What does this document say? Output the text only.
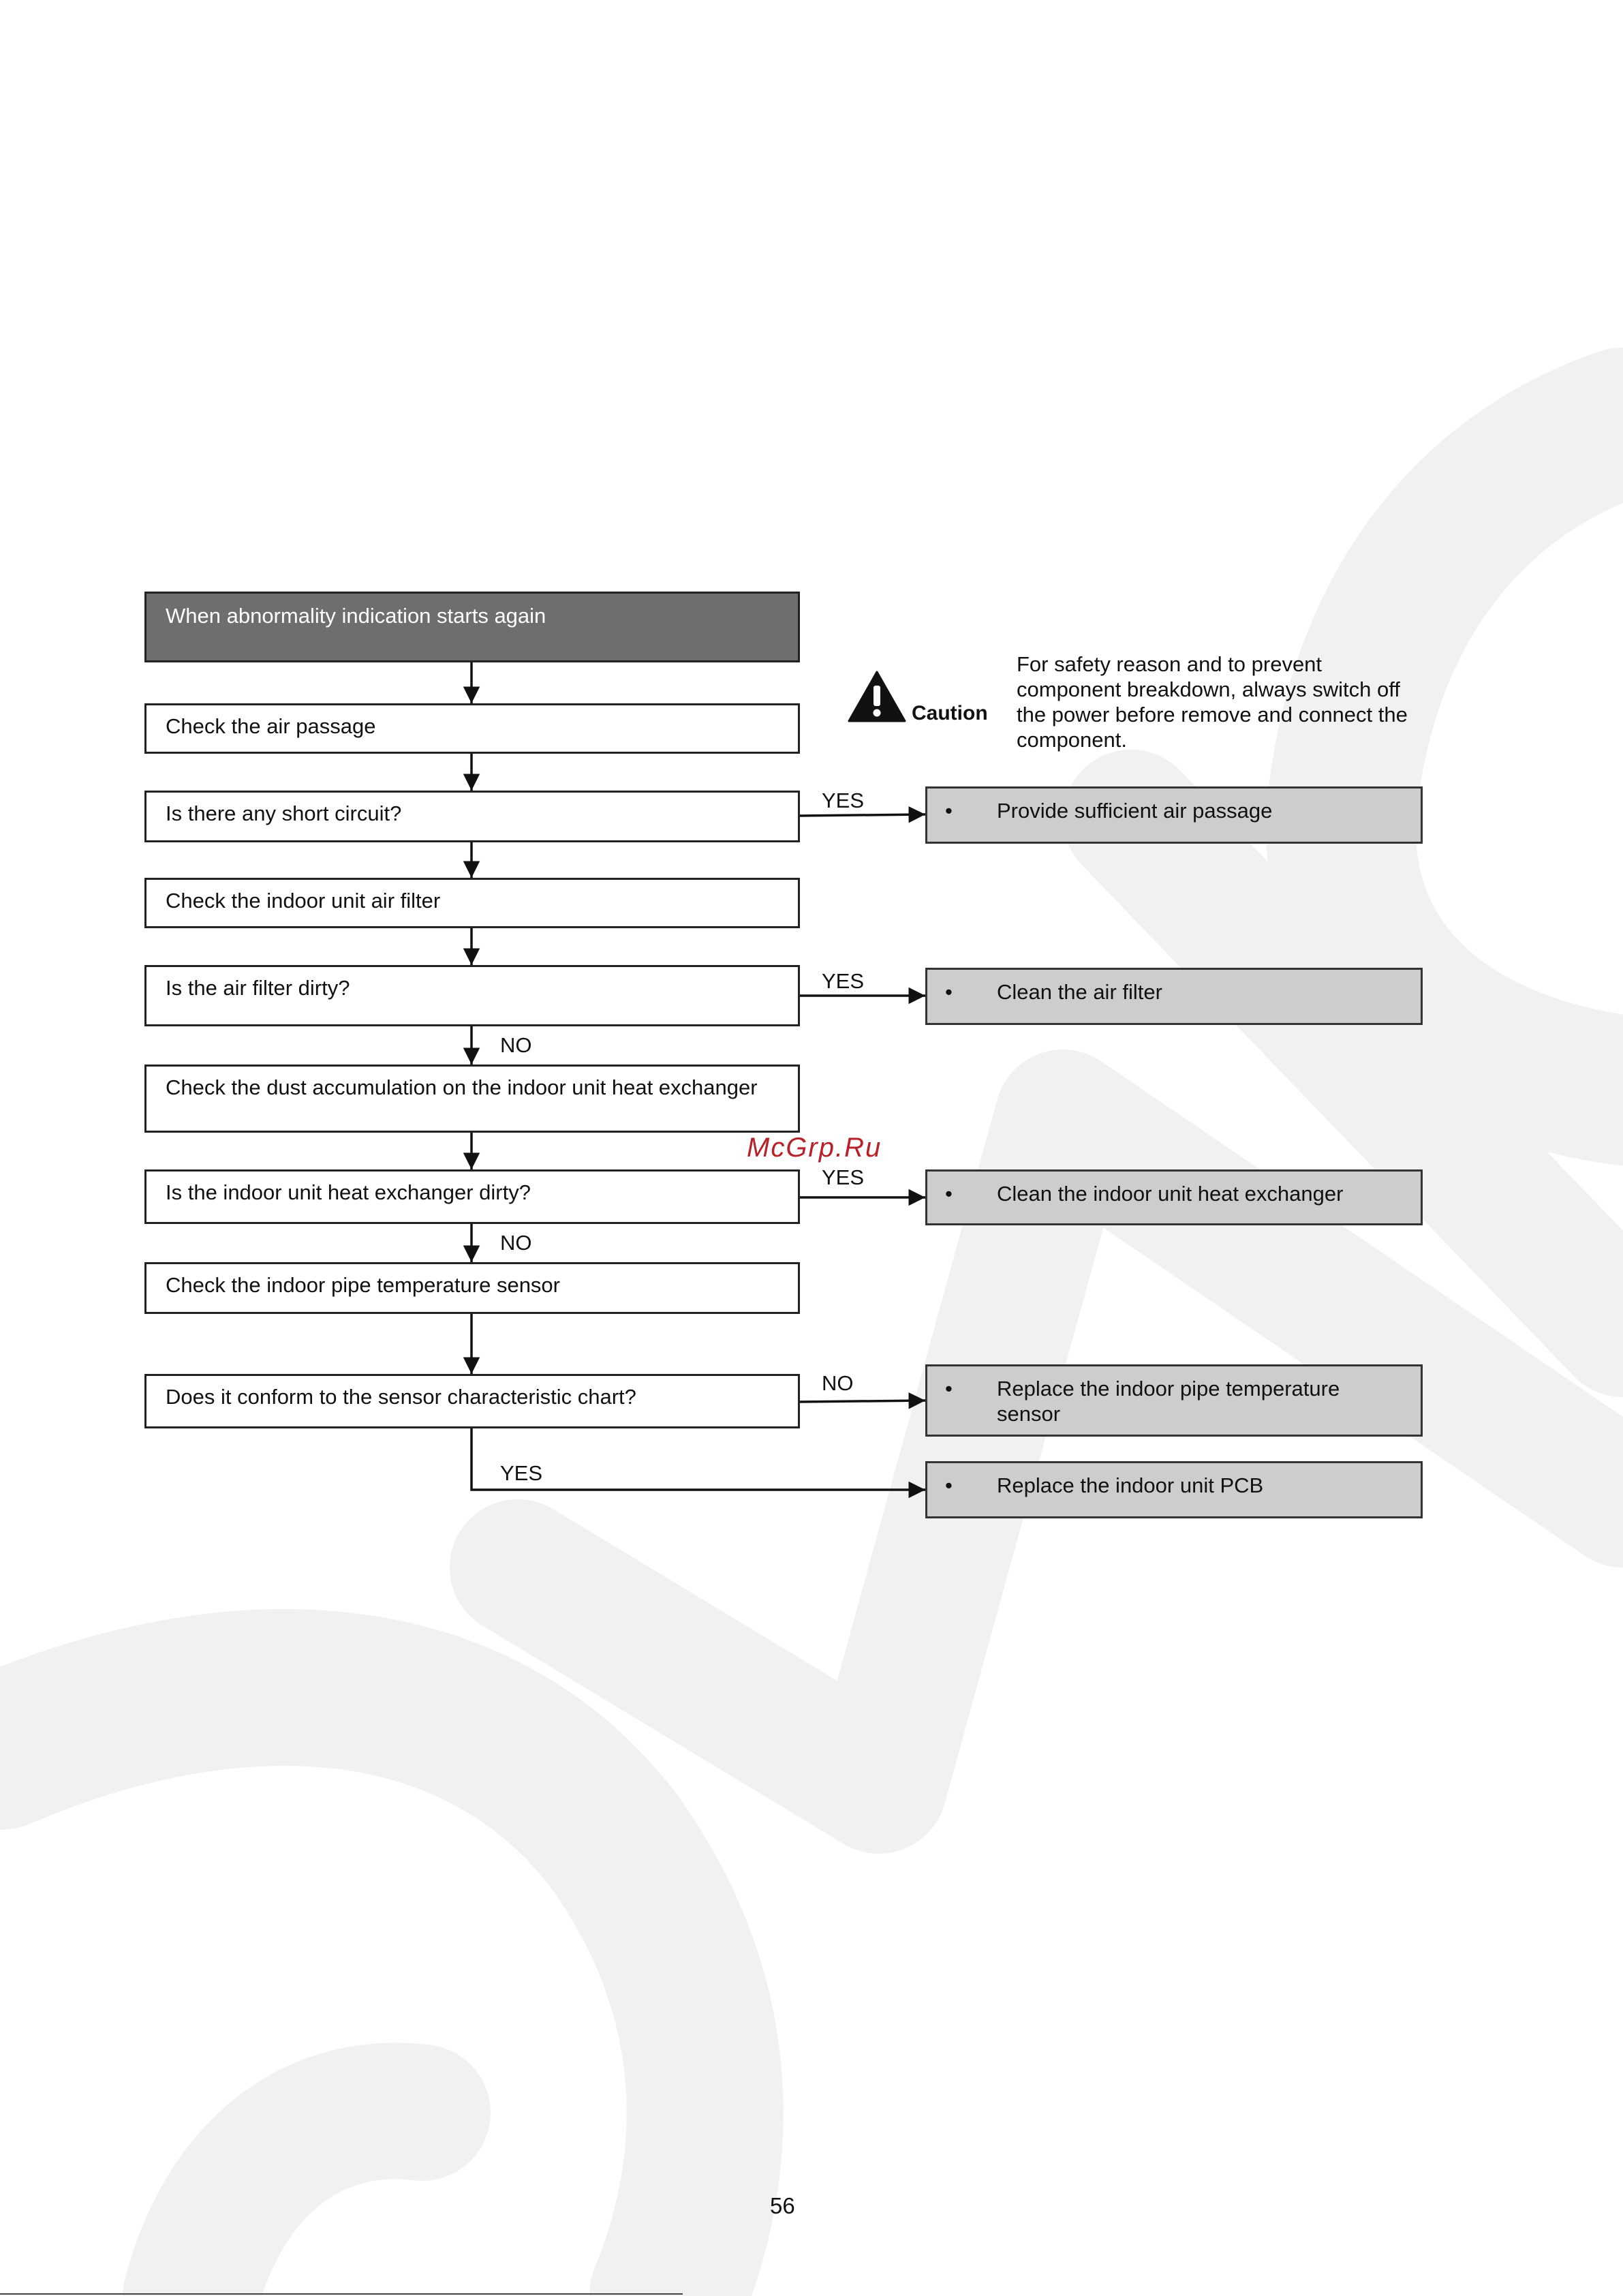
When abnormality indication starts again
Check the air passage
Is there any short circuit?
Check the indoor unit air filter
Is the air filter dirty?
Check the dust accumulation on the indoor unit heat exchanger
Is the indoor unit heat exchanger dirty?
Check the indoor pipe temperature sensor
Does it conform to the sensor characteristic chart?
• Provide sufficient air passage
• Clean the air filter
• Clean the indoor unit heat exchanger
• Replace the indoor pipe temperature sensor
• Replace the indoor unit PCB
YES
YES
NO
YES
NO
NO
YES
Caution
For safety reason and to prevent component breakdown, always switch off the power before remove and connect the component.
McGrp.Ru
56
